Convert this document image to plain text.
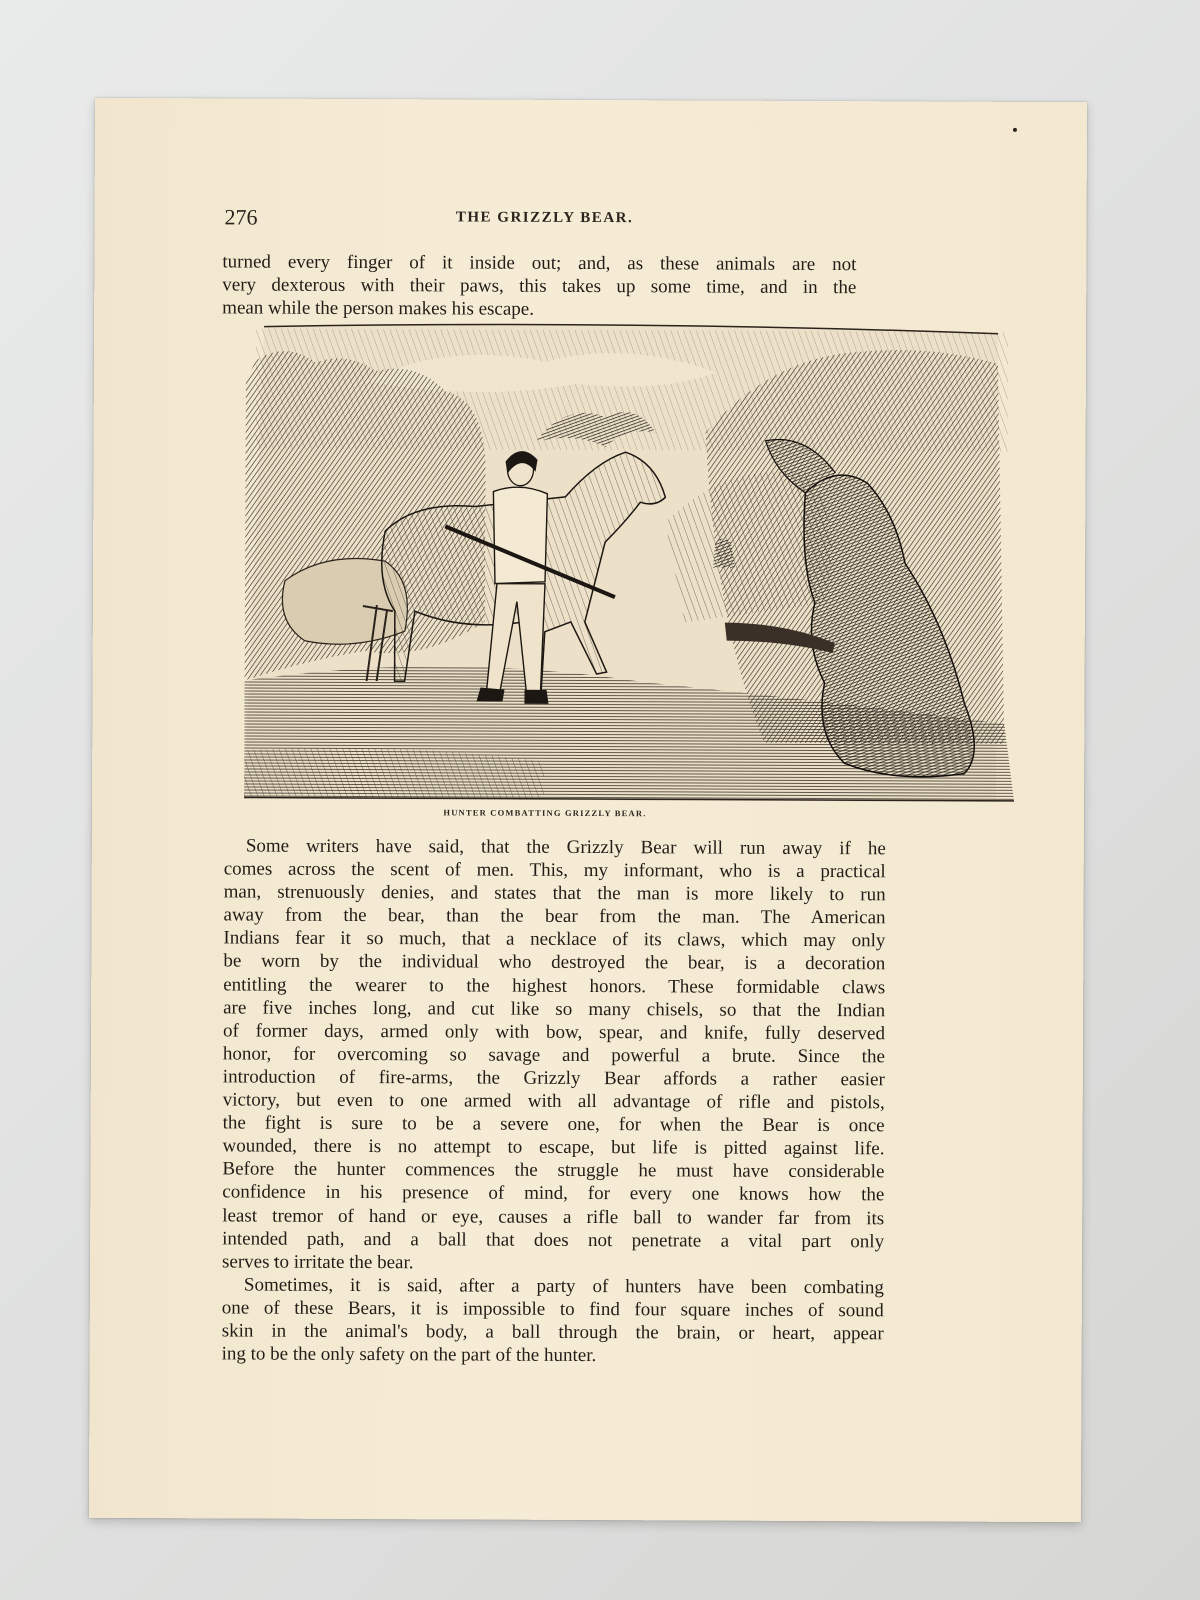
276	THE GRIZZLY BEAR.
turned every finger of it inside out; and, as these animals are not
very dexterous with their paws, this takes up some time, and in the
mean while the person makes his escape.
HUNTER COMBATTING GRIZZLY BEAR.
Some writers have said, that the Grizzly Bear will run away if he
comes across the scent of men. This, my informant, who is a practical
man, strenuously denies, and states that the man is more likely to run
away from the bear, than the bear from the man. The American
Indians fear it so much, that a necklace of its claws, which may only
be worn by the individual who destroyed the bear, is a decoration
entitling the wearer to the highest honors. These formidable claws
are five inches long, and cut like so many chisels, so that the Indian
of former days, armed only with bow, spear, and knife, fully deserved
honor, for overcoming so savage and powerful a brute. Since the
introduction of fire-arms, the Grizzly Bear affords a rather easier
victory, but even to one armed with all advantage of rifle and pistols,
the fight is sure to be a severe one, for when the Bear is once
wounded, there is no attempt to escape, but life is pitted against life.
Before the hunter commences the struggle he must have considerable
confidence in his presence of mind, for every one knows how the
least tremor of hand or eye, causes a rifle ball to wander far from its
intended path, and a ball that does not penetrate a vital part only
serves to irritate the bear.
Sometimes, it is said, after a party of hunters have been combating
one of these Bears, it is impossible to find four square inches of sound
skin in the animal's body, a ball through the brain, or heart, appear
ing to be the only safety on the part of the hunter.
